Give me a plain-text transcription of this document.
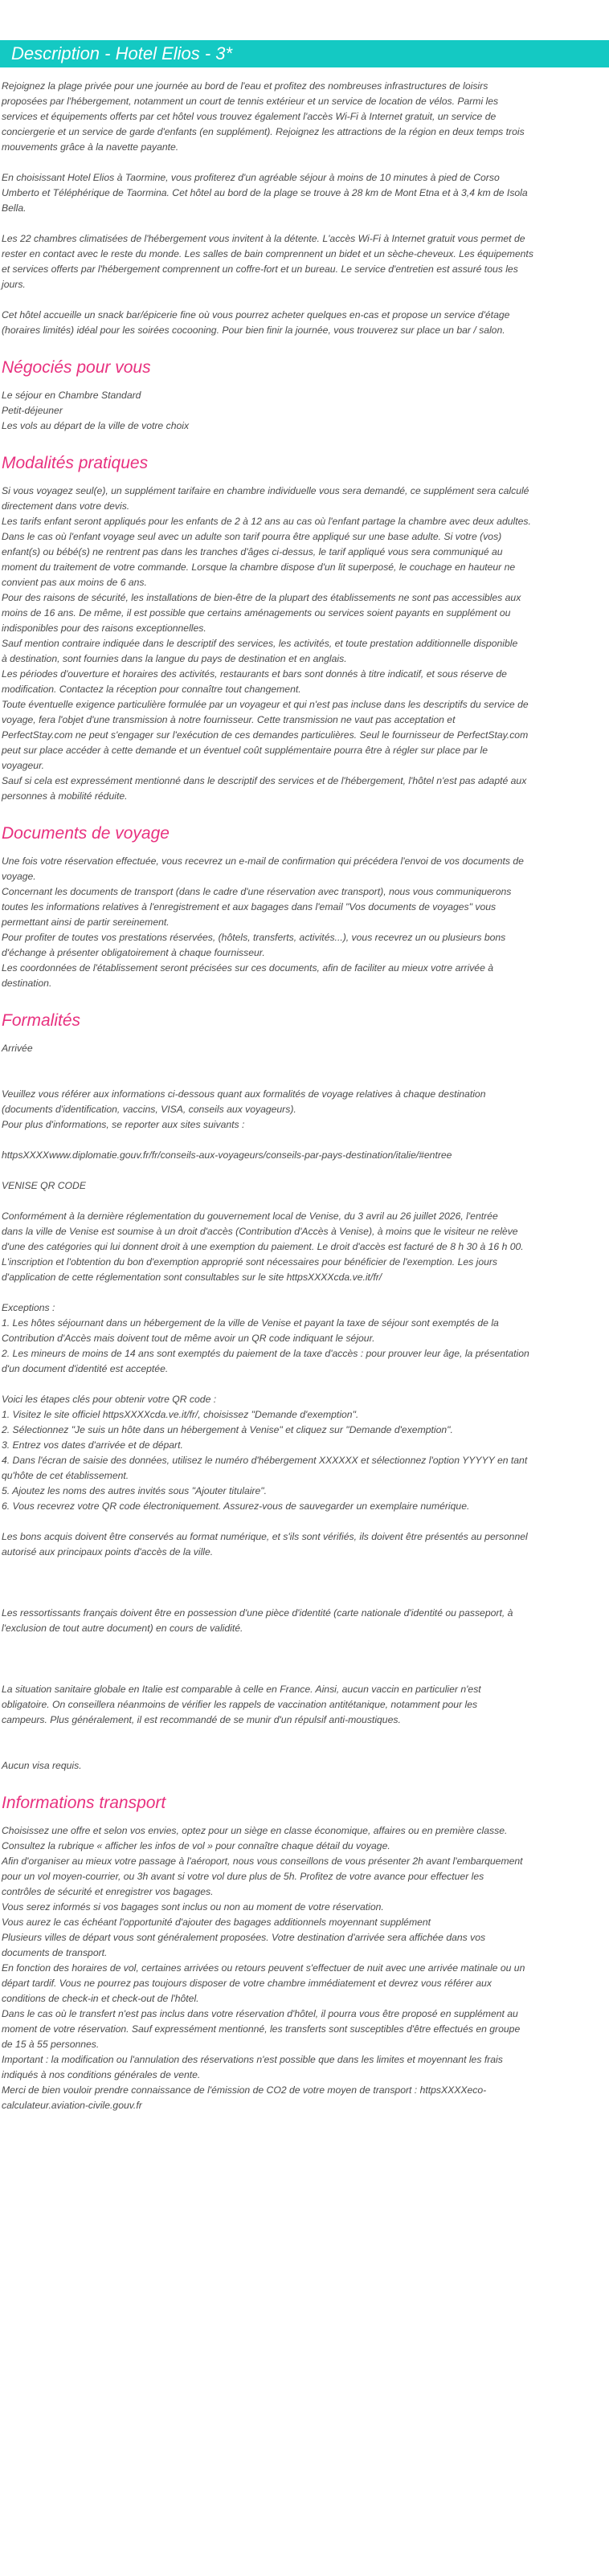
Description - Hotel Elios - 3*

Rejoignez la plage privée pour une journée au bord de l'eau et profitez des nombreuses infrastructures de loisirs
proposées par l'hébergement, notamment un court de tennis extérieur et un service de location de vélos. Parmi les
services et équipements offerts par cet hôtel vous trouvez également l'accès Wi-Fi à Internet gratuit, un service de
conciergerie et un service de garde d'enfants (en supplément). Rejoignez les attractions de la région en deux temps trois
mouvements grâce à la navette payante.

En choisissant Hotel Elios à Taormine, vous profiterez d'un agréable séjour à moins de 10 minutes à pied de Corso
Umberto et Téléphérique de Taormina. Cet hôtel au bord de la plage se trouve à 28 km de Mont Etna et à 3,4 km de Isola
Bella.

Les 22 chambres climatisées de l'hébergement vous invitent à la détente. L'accès Wi-Fi à Internet gratuit vous permet de
rester en contact avec le reste du monde. Les salles de bain comprennent un bidet et un sèche-cheveux. Les équipements
et services offerts par l'hébergement comprennent un coffre-fort et un bureau. Le service d'entretien est assuré tous les
jours.

Cet hôtel accueille un snack bar/épicerie fine où vous pourrez acheter quelques en-cas et propose un service d'étage
(horaires limités) idéal pour les soirées cocooning. Pour bien finir la journée, vous trouverez sur place un bar / salon.

Négociés pour vous

Le séjour en Chambre Standard
Petit-déjeuner
Les vols au départ de la ville de votre choix

Modalités pratiques

Si vous voyagez seul(e), un supplément tarifaire en chambre individuelle vous sera demandé, ce supplément sera calculé
directement dans votre devis.
Les tarifs enfant seront appliqués pour les enfants de 2 à 12 ans au cas où l'enfant partage la chambre avec deux adultes.
Dans le cas où l'enfant voyage seul avec un adulte son tarif pourra être appliqué sur une base adulte. Si votre (vos)
enfant(s) ou bébé(s) ne rentrent pas dans les tranches d'âges ci-dessus, le tarif appliqué vous sera communiqué au
moment du traitement de votre commande. Lorsque la chambre dispose d'un lit superposé, le couchage en hauteur ne
convient pas aux moins de 6 ans.
Pour des raisons de sécurité, les installations de bien-être de la plupart des établissements ne sont pas accessibles aux
moins de 16 ans. De même, il est possible que certains aménagements ou services soient payants en supplément ou
indisponibles pour des raisons exceptionnelles.
Sauf mention contraire indiquée dans le descriptif des services, les activités, et toute prestation additionnelle disponible
à destination, sont fournies dans la langue du pays de destination et en anglais.
Les périodes d'ouverture et horaires des activités, restaurants et bars sont donnés à titre indicatif, et sous réserve de
modification. Contactez la réception pour connaître tout changement.
Toute éventuelle exigence particulière formulée par un voyageur et qui n'est pas incluse dans les descriptifs du service de
voyage, fera l'objet d'une transmission à notre fournisseur. Cette transmission ne vaut pas acceptation et
PerfectStay.com ne peut s'engager sur l'exécution de ces demandes particulières. Seul le fournisseur de PerfectStay.com
peut sur place accéder à cette demande et un éventuel coût supplémentaire pourra être à régler sur place par le
voyageur.
Sauf si cela est expressément mentionné dans le descriptif des services et de l'hébergement, l'hôtel n'est pas adapté aux
personnes à mobilité réduite.

Documents de voyage

Une fois votre réservation effectuée, vous recevrez un e-mail de confirmation qui précédera l'envoi de vos documents de
voyage.
Concernant les documents de transport (dans le cadre d'une réservation avec transport), nous vous communiquerons
toutes les informations relatives à l'enregistrement et aux bagages dans l'email "Vos documents de voyages" vous
permettant ainsi de partir sereinement.
Pour profiter de toutes vos prestations réservées, (hôtels, transferts, activités...), vous recevrez un ou plusieurs bons
d'échange à présenter obligatoirement à chaque fournisseur.
Les coordonnées de l'établissement seront précisées sur ces documents, afin de faciliter au mieux votre arrivée à
destination.

Formalités

Arrivée

Veuillez vous référer aux informations ci-dessous quant aux formalités de voyage relatives à chaque destination
(documents d'identification, vaccins, VISA, conseils aux voyageurs).
Pour plus d'informations, se reporter aux sites suivants :

httpsXXXXwww.diplomatie.gouv.fr/fr/conseils-aux-voyageurs/conseils-par-pays-destination/italie/#entree

VENISE QR CODE

Conformément à la dernière réglementation du gouvernement local de Venise, du 3 avril au 26 juillet 2026, l'entrée
dans la ville de Venise est soumise à un droit d'accès (Contribution d'Accès à Venise), à moins que le visiteur ne relève
d'une des catégories qui lui donnent droit à une exemption du paiement. Le droit d'accès est facturé de 8 h 30 à 16 h 00.
L'inscription et l'obtention du bon d'exemption approprié sont nécessaires pour bénéficier de l'exemption. Les jours
d'application de cette réglementation sont consultables sur le site httpsXXXXcda.ve.it/fr/

Exceptions :
1. Les hôtes séjournant dans un hébergement de la ville de Venise et payant la taxe de séjour sont exemptés de la
Contribution d'Accès mais doivent tout de même avoir un QR code indiquant le séjour.
2. Les mineurs de moins de 14 ans sont exemptés du paiement de la taxe d'accès : pour prouver leur âge, la présentation
d'un document d'identité est acceptée.

Voici les étapes clés pour obtenir votre QR code :
1. Visitez le site officiel httpsXXXXcda.ve.it/fr/, choisissez "Demande d'exemption".
2. Sélectionnez "Je suis un hôte dans un hébergement à Venise" et cliquez sur "Demande d'exemption".
3. Entrez vos dates d'arrivée et de départ.
4. Dans l'écran de saisie des données, utilisez le numéro d'hébergement XXXXXX et sélectionnez l'option YYYYY en tant
qu'hôte de cet établissement.
5. Ajoutez les noms des autres invités sous "Ajouter titulaire".
6. Vous recevrez votre QR code électroniquement. Assurez-vous de sauvegarder un exemplaire numérique.

Les bons acquis doivent être conservés au format numérique, et s'ils sont vérifiés, ils doivent être présentés au personnel
autorisé aux principaux points d'accès de la ville.

Les ressortissants français doivent être en possession d'une pièce d'identité (carte nationale d'identité ou passeport, à
l'exclusion de tout autre document) en cours de validité.

La situation sanitaire globale en Italie est comparable à celle en France. Ainsi, aucun vaccin en particulier n'est
obligatoire. On conseillera néanmoins de vérifier les rappels de vaccination antitétanique, notamment pour les
campeurs. Plus généralement, il est recommandé de se munir d'un répulsif anti-moustiques.

Aucun visa requis.

Informations transport

Choisissez une offre et selon vos envies, optez pour un siège en classe économique, affaires ou en première classe.
Consultez la rubrique « afficher les infos de vol » pour connaître chaque détail du voyage.
Afin d'organiser au mieux votre passage à l'aéroport, nous vous conseillons de vous présenter 2h avant l'embarquement
pour un vol moyen-courrier, ou 3h avant si votre vol dure plus de 5h. Profitez de votre avance pour effectuer les
contrôles de sécurité et enregistrer vos bagages.
Vous serez informés si vos bagages sont inclus ou non au moment de votre réservation.
Vous aurez le cas échéant l'opportunité d'ajouter des bagages additionnels moyennant supplément
Plusieurs villes de départ vous sont généralement proposées. Votre destination d'arrivée sera affichée dans vos
documents de transport.
En fonction des horaires de vol, certaines arrivées ou retours peuvent s'effectuer de nuit avec une arrivée matinale ou un
départ tardif. Vous ne pourrez pas toujours disposer de votre chambre immédiatement et devrez vous référer aux
conditions de check-in et check-out de l'hôtel.
Dans le cas où le transfert n'est pas inclus dans votre réservation d'hôtel, il pourra vous être proposé en supplément au
moment de votre réservation. Sauf expressément mentionné, les transferts sont susceptibles d'être effectués en groupe
de 15 à 55 personnes.
Important : la modification ou l'annulation des réservations n'est possible que dans les limites et moyennant les frais
indiqués à nos conditions générales de vente.
Merci de bien vouloir prendre connaissance de l'émission de CO2 de votre moyen de transport : httpsXXXXeco-
calculateur.aviation-civile.gouv.fr
